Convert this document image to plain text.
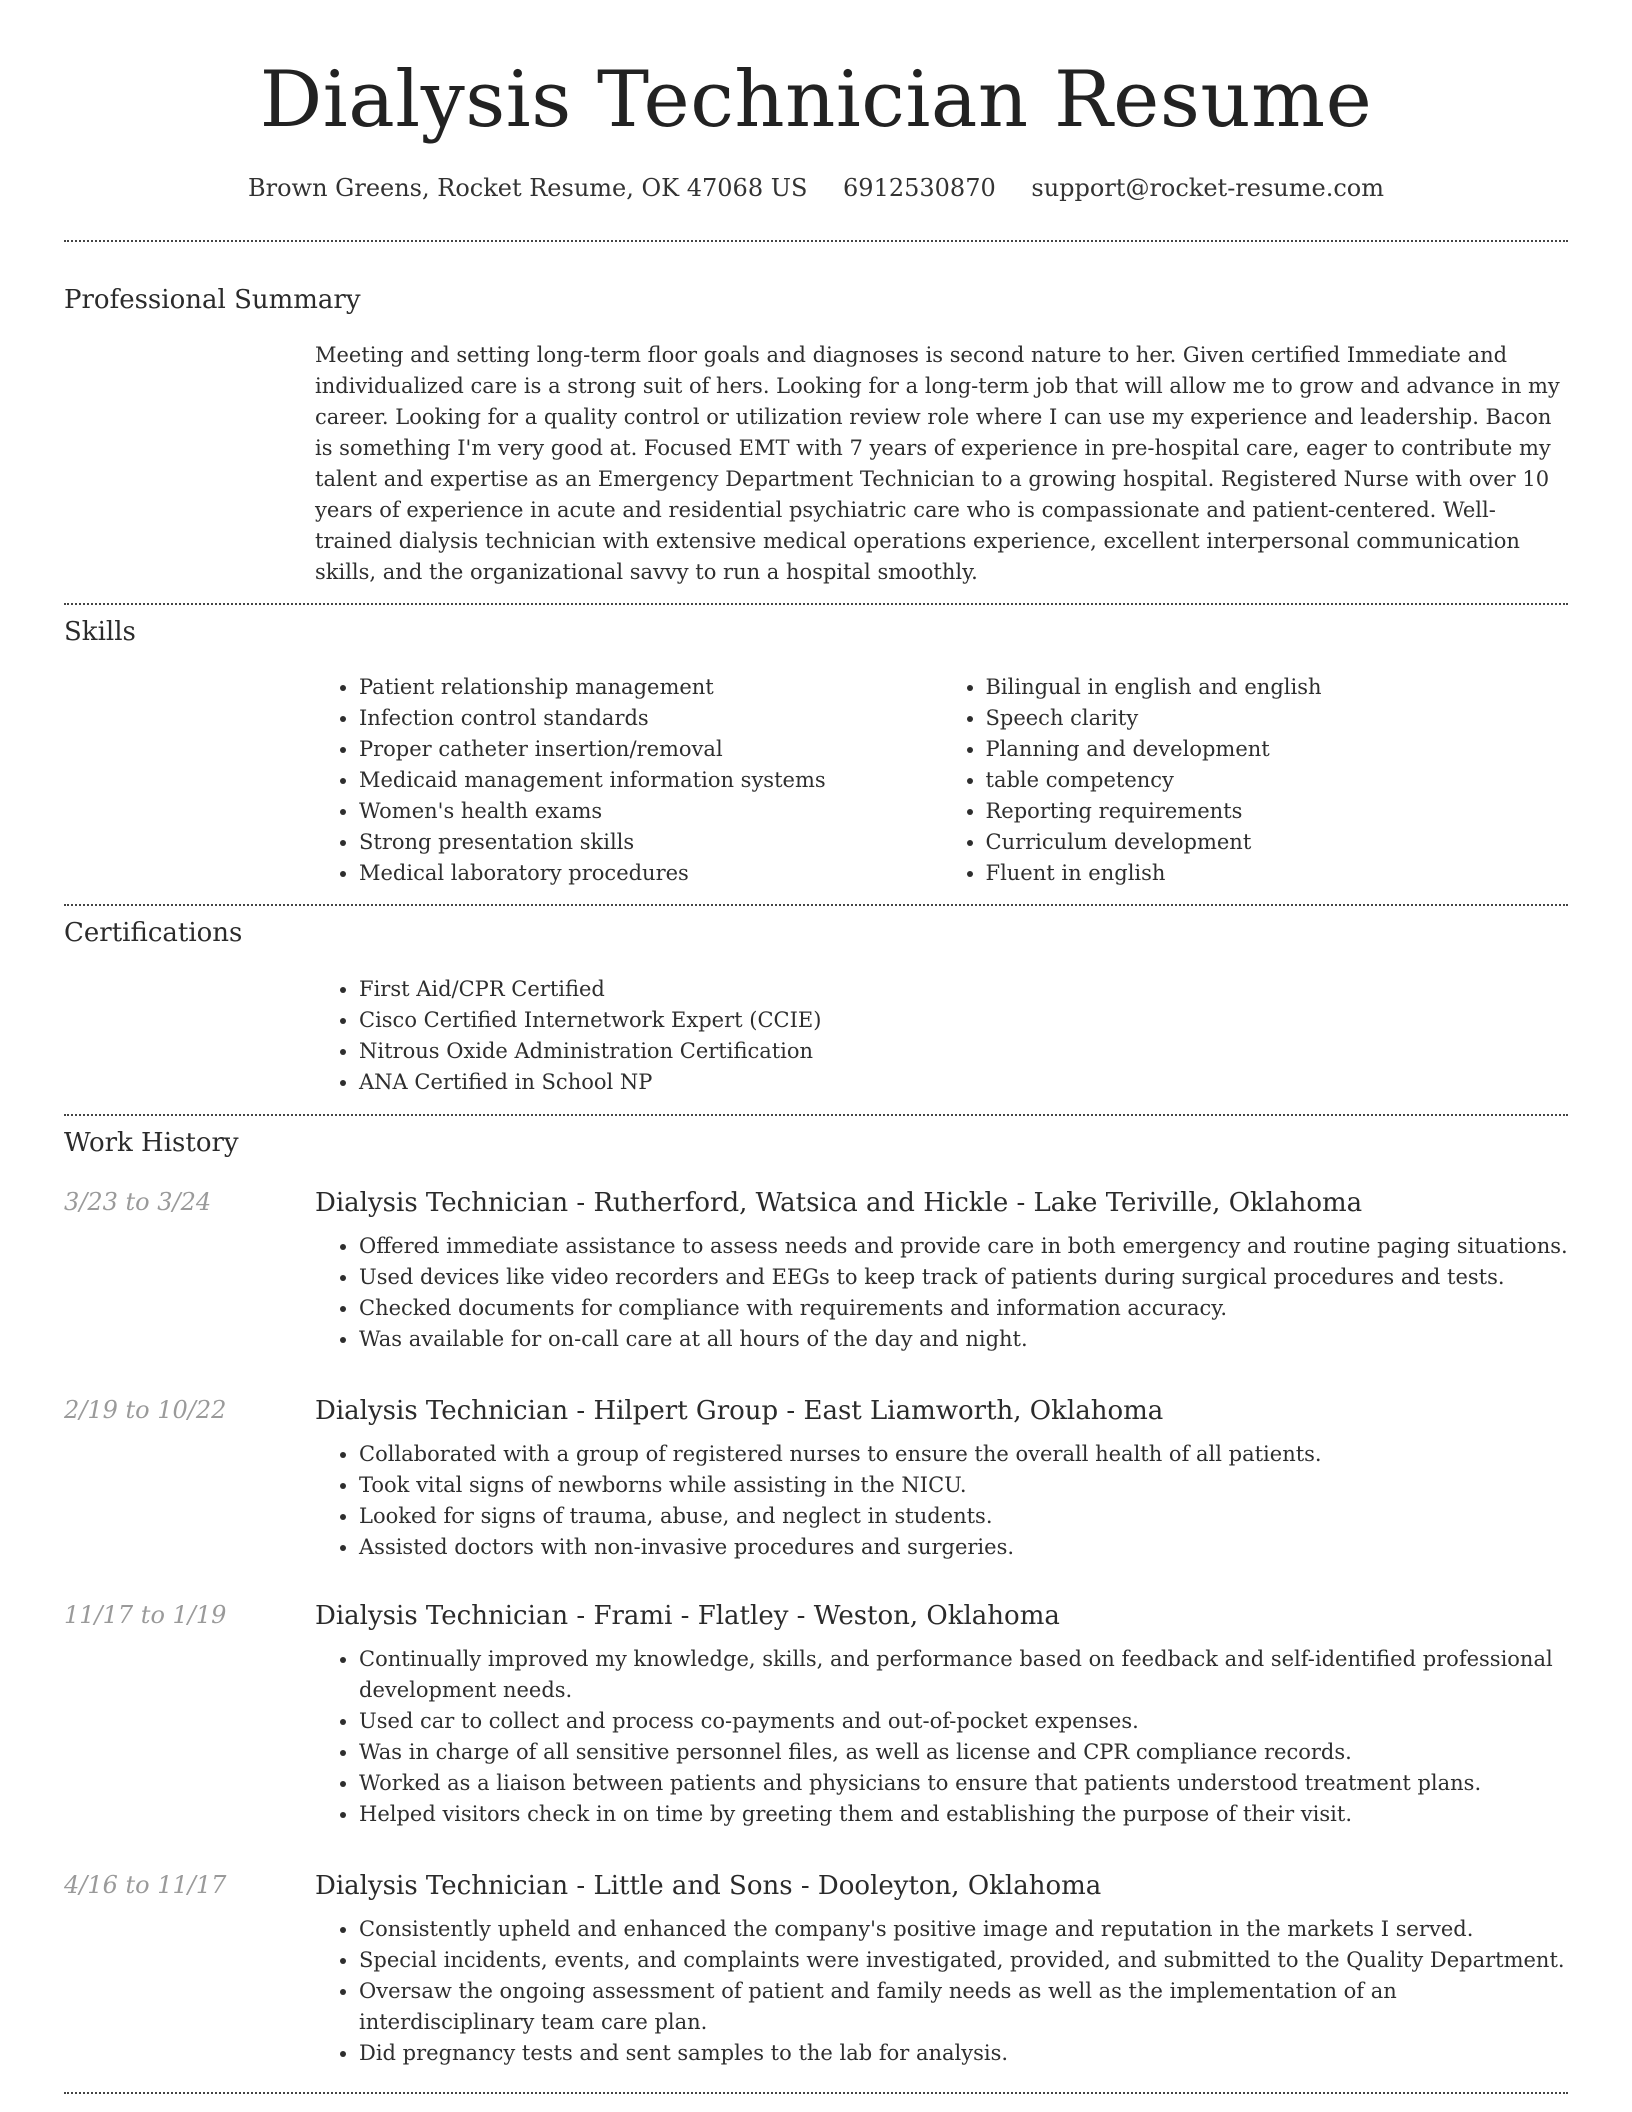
Dialysis Technician Resume
Brown Greens, Rocket Resume, OK 47068 US 6912530870 support@rocket-resume.com
Professional Summary

Meeting and setting long-term floor goals and diagnoses is second nature to her. Given certified Immediate and individualized care is a strong suit of hers. Looking for a long-term job that will allow me to grow and advance in my career. Looking for a quality control or utilization review role where I can use my experience and leadership. Bacon is something I'm very good at. Focused EMT with 7 years of experience in pre-hospital care, eager to contribute my talent and expertise as an Emergency Department Technician to a growing hospital. Registered Nurse with over 10 years of experience in acute and residential psychiatric care who is compassionate and patient-centered. Well-trained dialysis technician with extensive medical operations experience, excellent interpersonal communication skills, and the organizational savvy to run a hospital smoothly.

Skills
• Patient relationship management
• Infection control standards
• Proper catheter insertion/removal
• Medicaid management information systems
• Women's health exams
• Strong presentation skills
• Medical laboratory procedures
• Bilingual in english and english
• Speech clarity
• Planning and development
• table competency
• Reporting requirements
• Curriculum development
• Fluent in english
Certifications
• First Aid/CPR Certified
• Cisco Certified Internetwork Expert (CCIE)
• Nitrous Oxide Administration Certification
• ANA Certified in School NP
Work History
3/23 to 3/24	Dialysis Technician - Rutherford, Watsica and Hickle - Lake Teriville, Oklahoma
• Offered immediate assistance to assess needs and provide care in both emergency and routine paging situations.
• Used devices like video recorders and EEGs to keep track of patients during surgical procedures and tests.
• Checked documents for compliance with requirements and information accuracy.
• Was available for on-call care at all hours of the day and night.
2/19 to 10/22	Dialysis Technician - Hilpert Group - East Liamworth, Oklahoma
• Collaborated with a group of registered nurses to ensure the overall health of all patients.
• Took vital signs of newborns while assisting in the NICU.
• Looked for signs of trauma, abuse, and neglect in students.
• Assisted doctors with non-invasive procedures and surgeries.
11/17 to 1/19	Dialysis Technician - Frami - Flatley - Weston, Oklahoma
• Continually improved my knowledge, skills, and performance based on feedback and self-identified professional development needs.
• Used car to collect and process co-payments and out-of-pocket expenses.
• Was in charge of all sensitive personnel files, as well as license and CPR compliance records.
• Worked as a liaison between patients and physicians to ensure that patients understood treatment plans.
• Helped visitors check in on time by greeting them and establishing the purpose of their visit.
4/16 to 11/17	Dialysis Technician - Little and Sons - Dooleyton, Oklahoma
• Consistently upheld and enhanced the company's positive image and reputation in the markets I served.
• Special incidents, events, and complaints were investigated, provided, and submitted to the Quality Department.
• Oversaw the ongoing assessment of patient and family needs as well as the implementation of an interdisciplinary team care plan.
• Did pregnancy tests and sent samples to the lab for analysis.
